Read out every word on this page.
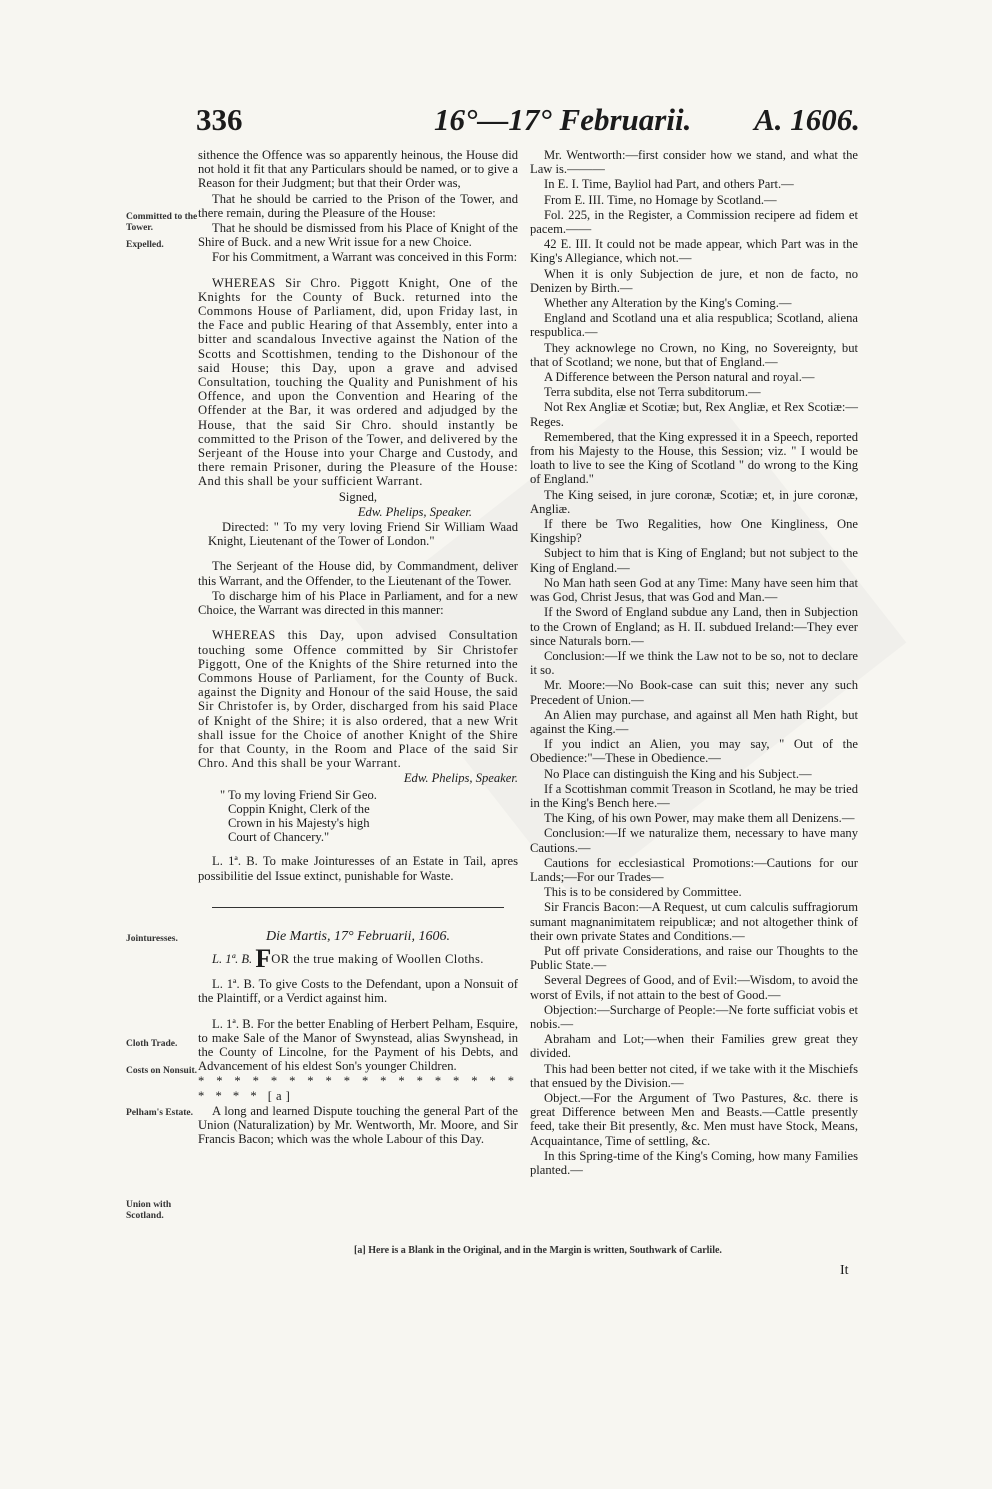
336	16°—17° Februarii. A. 1606.
Committed to the Tower.
Expelled.
Jointuresses.
Cloth Trade.
Costs on Nonsuit.
Pelham's Estate.
Union with Scotland.

sithence the Offence was so apparently heinous, the House did not hold it fit that any Particulars should be named, or to give a Reason for their Judgment; but that their Order was,

That he should be carried to the Prison of the Tower, and there remain, during the Pleasure of the House:

That he should be dismissed from his Place of Knight of the Shire of Buck. and a new Writ issue for a new Choice.

For his Commitment, a Warrant was conceived in this Form:

WHEREAS Sir Chro. Piggott Knight, One of the Knights for the County of Buck. returned into the Commons House of Parliament, did, upon Friday last, in the Face and public Hearing of that Assembly, enter into a bitter and scandalous Invective against the Nation of the Scotts and Scottishmen, tending to the Dishonour of the said House; this Day, upon a grave and advised Consultation, touching the Quality and Punishment of his Offence, and upon the Convention and Hearing of the Offender at the Bar, it was ordered and adjudged by the House, that the said Sir Chro. should instantly be committed to the Prison of the Tower, and delivered by the Serjeant of the House into your Charge and Custody, and there remain Prisoner, during the Pleasure of the House: And this shall be your sufficient Warrant.

Signed,

Edw. Phelips, Speaker.

Directed: " To my very loving Friend Sir William Waad Knight, Lieutenant of the Tower of London."

The Serjeant of the House did, by Commandment, deliver this Warrant, and the Offender, to the Lieutenant of the Tower.

To discharge him of his Place in Parliament, and for a new Choice, the Warrant was directed in this manner:

WHEREAS this Day, upon advised Consultation touching some Offence committed by Sir Christofer Piggott, One of the Knights of the Shire returned into the Commons House of Parliament, for the County of Buck. against the Dignity and Honour of the said House, the said Sir Christofer is, by Order, discharged from his said Place of Knight of the Shire; it is also ordered, that a new Writ shall issue for the Choice of another Knight of the Shire for that County, in the Room and Place of the said Sir Chro. And this shall be your Warrant.

Edw. Phelips, Speaker.
" To my loving Friend Sir Geo.
Coppin Knight, Clerk of the
Crown in his Majesty's high
Court of Chancery."

L. 1ª. B. To make Jointuresses of an Estate in Tail, apres possibilitie del Issue extinct, punishable for Waste.

Die Martis, 17° Februarii, 1606.

L. 1ª. B. FOR the true making of Woollen Cloths.

L. 1ª. B. To give Costs to the Defendant, upon a Nonsuit of the Plaintiff, or a Verdict against him.

L. 1ª. B. For the better Enabling of Herbert Pelham, Esquire, to make Sale of the Manor of Swynstead, alias Swynshead, in the County of Lincolne, for the Payment of his Debts, and Advancement of his eldest Son's younger Children.

* * * * * * * * * * * * * * * * * * * * * * [a]

A long and learned Dispute touching the general Part of the Union (Naturalization) by Mr. Wentworth, Mr. Moore, and Sir Francis Bacon; which was the whole Labour of this Day.

Mr. Wentworth:—first consider how we stand, and what the Law is.———

In E. I. Time, Bayliol had Part, and others Part.—

From E. III. Time, no Homage by Scotland.—

Fol. 225, in the Register, a Commission recipere ad fidem et pacem.——

42 E. III. It could not be made appear, which Part was in the King's Allegiance, which not.—

When it is only Subjection de jure, et non de facto, no Denizen by Birth.—

Whether any Alteration by the King's Coming.—

England and Scotland una et alia respublica; Scotland, aliena respublica.—

They acknowlege no Crown, no King, no Sovereignty, but that of Scotland; we none, but that of England.—

A Difference between the Person natural and royal.—

Terra subdita, else not Terra subditorum.—

Not Rex Angliæ et Scotiæ; but, Rex Angliæ, et Rex Scotiæ:—Reges.

Remembered, that the King expressed it in a Speech, reported from his Majesty to the House, this Session; viz. " I would be loath to live to see the King of Scotland " do wrong to the King of England."

The King seised, in jure coronæ, Scotiæ; et, in jure coronæ, Angliæ.

If there be Two Regalities, how One Kingliness, One Kingship?

Subject to him that is King of England; but not subject to the King of England.—

No Man hath seen God at any Time: Many have seen him that was God, Christ Jesus, that was God and Man.—

If the Sword of England subdue any Land, then in Subjection to the Crown of England; as H. II. subdued Ireland:—They ever since Naturals born.—

Conclusion:—If we think the Law not to be so, not to declare it so.

Mr. Moore:—No Book-case can suit this; never any such Precedent of Union.—

An Alien may purchase, and against all Men hath Right, but against the King.—

If you indict an Alien, you may say, " Out of the Obedience:"—These in Obedience.—

No Place can distinguish the King and his Subject.—

If a Scottishman commit Treason in Scotland, he may be tried in the King's Bench here.—

The King, of his own Power, may make them all Denizens.—

Conclusion:—If we naturalize them, necessary to have many Cautions.—

Cautions for ecclesiastical Promotions:—Cautions for our Lands;—For our Trades—

This is to be considered by Committee.

Sir Francis Bacon:—A Request, ut cum calculis suffragiorum sumant magnanimitatem reipublicæ; and not altogether think of their own private States and Conditions.—

Put off private Considerations, and raise our Thoughts to the Public State.—

Several Degrees of Good, and of Evil:—Wisdom, to avoid the worst of Evils, if not attain to the best of Good.—

Objection:—Surcharge of People:—Ne forte sufficiat vobis et nobis.—

Abraham and Lot;—when their Families grew great they divided.

This had been better not cited, if we take with it the Mischiefs that ensued by the Division.—

Object.—For the Argument of Two Pastures, &c. there is great Difference between Men and Beasts.—Cattle presently feed, take their Bit presently, &c. Men must have Stock, Means, Acquaintance, Time of settling, &c.

In this Spring-time of the King's Coming, how many Families planted.—

[a] Here is a Blank in the Original, and in the Margin is written, Southwark of Carlile.
It
